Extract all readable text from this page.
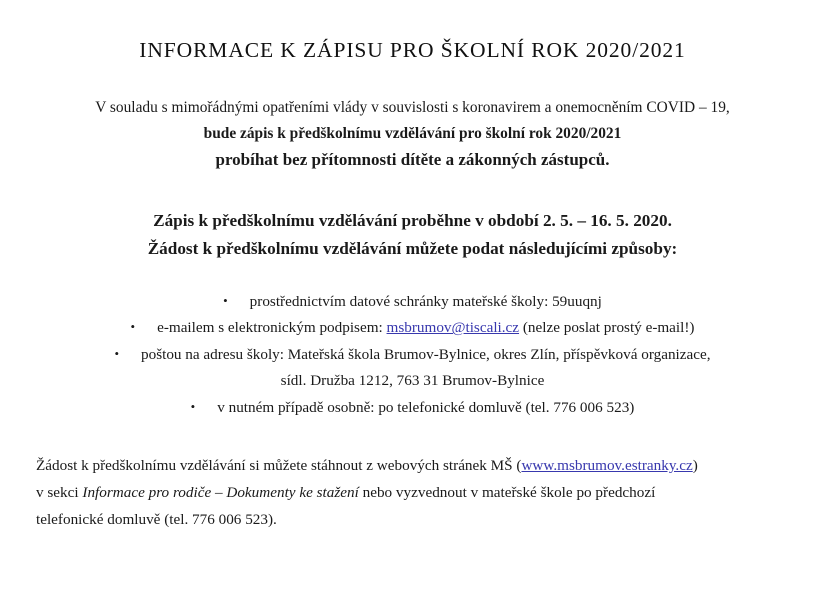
INFORMACE K ZÁPISU PRO ŠKOLNÍ ROK 2020/2021
V souladu s mimořádnými opatřeními vlády v souvislosti s koronavirem a onemocněním COVID – 19,
bude zápis k předškolnímu vzdělávání pro školní rok 2020/2021
probíhat bez přítomnosti dítěte a zákonných zástupců.
Zápis k předškolnímu vzdělávání proběhne v období 2. 5. – 16. 5. 2020.
Žádost k předškolnímu vzdělávání můžete podat následujícími způsoby:
• prostřednictvím datové schránky mateřské školy: 59uuqnj
• e-mailem s elektronickým podpisem: msbrumov@tiscali.cz (nelze poslat prostý e-mail!)
• poštou na adresu školy: Mateřská škola Brumov-Bylnice, okres Zlín, příspěvková organizace,
sídl. Družba 1212, 763 31 Brumov-Bylnice
• v nutném případě osobně: po telefonické domluvě (tel. 776 006 523)
Žádost k předškolnímu vzdělávání si můžete stáhnout z webových stránek MŠ (www.msbrumov.estranky.cz)
v sekci Informace pro rodiče – Dokumenty ke stažení nebo vyzvednout v mateřské škole po předchozí
telefonické domluvě (tel. 776 006 523).
